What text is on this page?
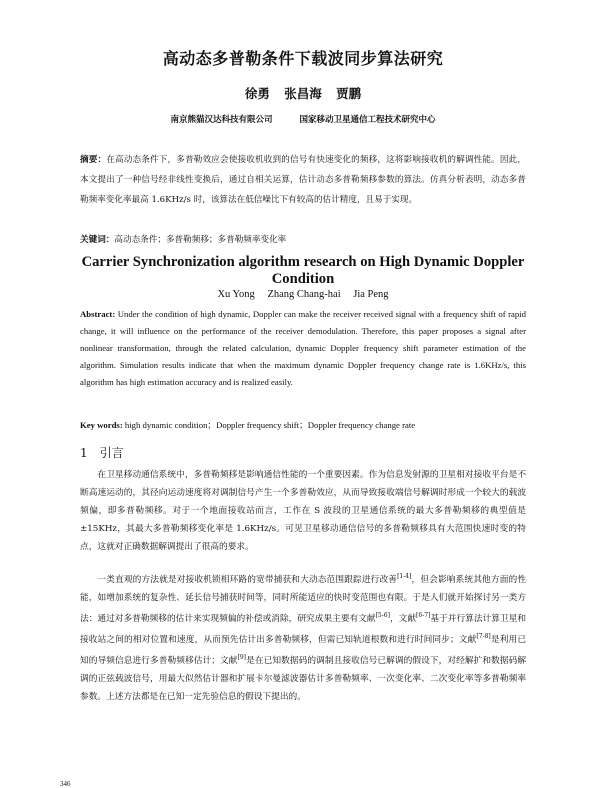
高动态多普勒条件下载波同步算法研究
徐勇 张昌海 贾鹏
南京熊猫汉达科技有限公司	国家移动卫星通信工程技术研究中心
摘要：在高动态条件下，多普勒效应会使接收机收到的信号有快速变化的频移，这将影响接收机的解调性能。因此，本文提出了一种信号经非线性变换后，通过自相关运算，估计动态多普勒频移参数的算法。仿真分析表明，动态多普勒频率变化率最高 1.6KHz/s 时，该算法在低信噪比下有较高的估计精度，且易于实现。
关键词：高动态条件；多普勒频移；多普勒频率变化率
Carrier Synchronization algorithm research on High Dynamic Doppler Condition
Xu Yong Zhang Chang-hai Jia Peng
Abstract: Under the condition of high dynamic, Doppler can make the receiver received signal with a frequency shift of rapid change, it will influence on the performance of the receiver demodulation. Therefore, this paper proposes a signal after nonlinear transformation, through the related calculation, dynamic Doppler frequency shift parameter estimation of the algorithm. Simulation results indicate that when the maximum dynamic Doppler frequency change rate is 1.6KHz/s, this algorithm has high estimation accuracy and is realized easily.
Key words: high dynamic condition；Doppler frequency shift；Doppler frequency change rate
1 引言

在卫星移动通信系统中，多普勒频移是影响通信性能的一个重要因素。作为信息发射源的卫星相对接收平台是不断高速运动的，其径向运动速度将对调制信号产生一个多普勒效应，从而导致接收端信号解调时形成一个较大的载波频偏，即多普勒频移。对于一个地面接收站而言，工作在 S 波段的卫星通信系统的最大多普勒频移的典型值是 ±15KHz，其最大多普勒频移变化率是 1.6KHz/s。可见卫星移动通信信号的多普勒频移具有大范围快速时变的特点，这就对正确数据解调提出了很高的要求。

一类直观的方法就是对接收机锁相环路的宽带捕获和大动态范围跟踪进行改善[1-4]，但会影响系统其他方面的性能，如增加系统的复杂性、延长信号捕获时间等，同时所能适应的快时变范围也有限。于是人们就开始探讨另一类方法：通过对多普勒频移的估计来实现频偏的补偿或消除，研究成果主要有文献[5-6]，文献[6-7]基于并行算法计算卫星和接收站之间的相对位置和速度，从而预先估计出多普勒频移，但需已知轨道根数和进行时间同步；文献[7-8]是利用已知的导频信息进行多普勒频移估计；文献[9]是在已知数据码的调制且接收信号已解调的假设下，对经解扩和数据码解调的正弦载波信号，用最大似然估计器和扩展卡尔曼滤波器估计多普勒频率、一次变化率、二次变化率等多普勒频率参数。上述方法都是在已知一定先验信息的假设下提出的。

346
